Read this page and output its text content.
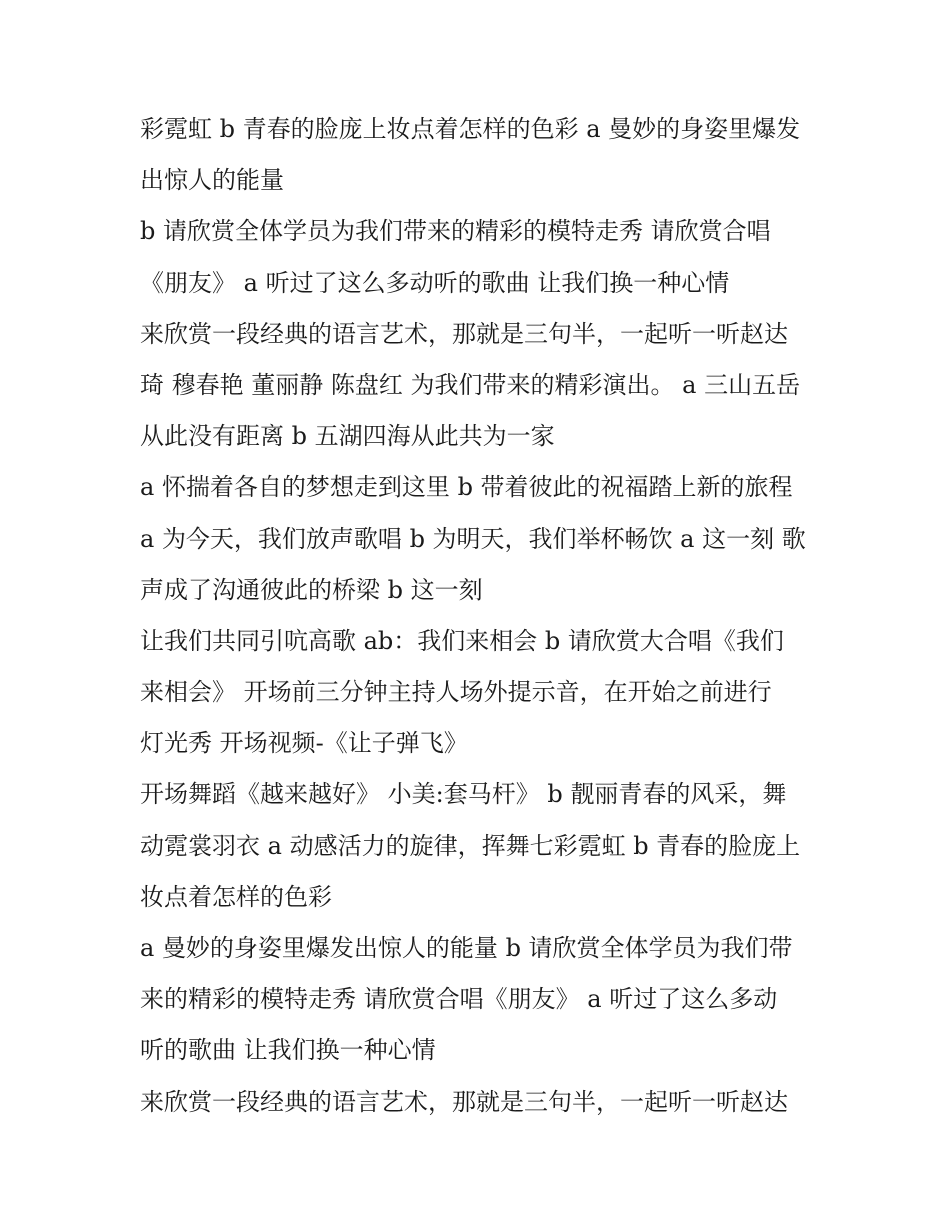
彩霓虹 b 青春的脸庞上妆点着怎样的色彩 a 曼妙的身姿里爆发
出惊人的能量
b 请欣赏全体学员为我们带来的精彩的模特走秀 请欣赏合唱
《朋友》 a 听过了这么多动听的歌曲 让我们换一种心情
来欣赏一段经典的语言艺术，那就是三句半，一起听一听赵达
琦 穆春艳 董丽静 陈盘红 为我们带来的精彩演出。 a 三山五岳
从此没有距离 b 五湖四海从此共为一家
a 怀揣着各自的梦想走到这里 b 带着彼此的祝福踏上新的旅程
a 为今天，我们放声歌唱 b 为明天，我们举杯畅饮 a 这一刻 歌
声成了沟通彼此的桥梁 b 这一刻
让我们共同引吭高歌 ab：我们来相会 b 请欣赏大合唱《我们
来相会》 开场前三分钟主持人场外提示音，在开始之前进行
灯光秀 开场视频-《让子弹飞》
开场舞蹈《越来越好》 小美:套马杆》 b 靓丽青春的风采，舞
动霓裳羽衣 a 动感活力的旋律，挥舞七彩霓虹 b 青春的脸庞上
妆点着怎样的色彩
a 曼妙的身姿里爆发出惊人的能量 b 请欣赏全体学员为我们带
来的精彩的模特走秀 请欣赏合唱《朋友》 a 听过了这么多动
听的歌曲 让我们换一种心情
来欣赏一段经典的语言艺术，那就是三句半，一起听一听赵达
